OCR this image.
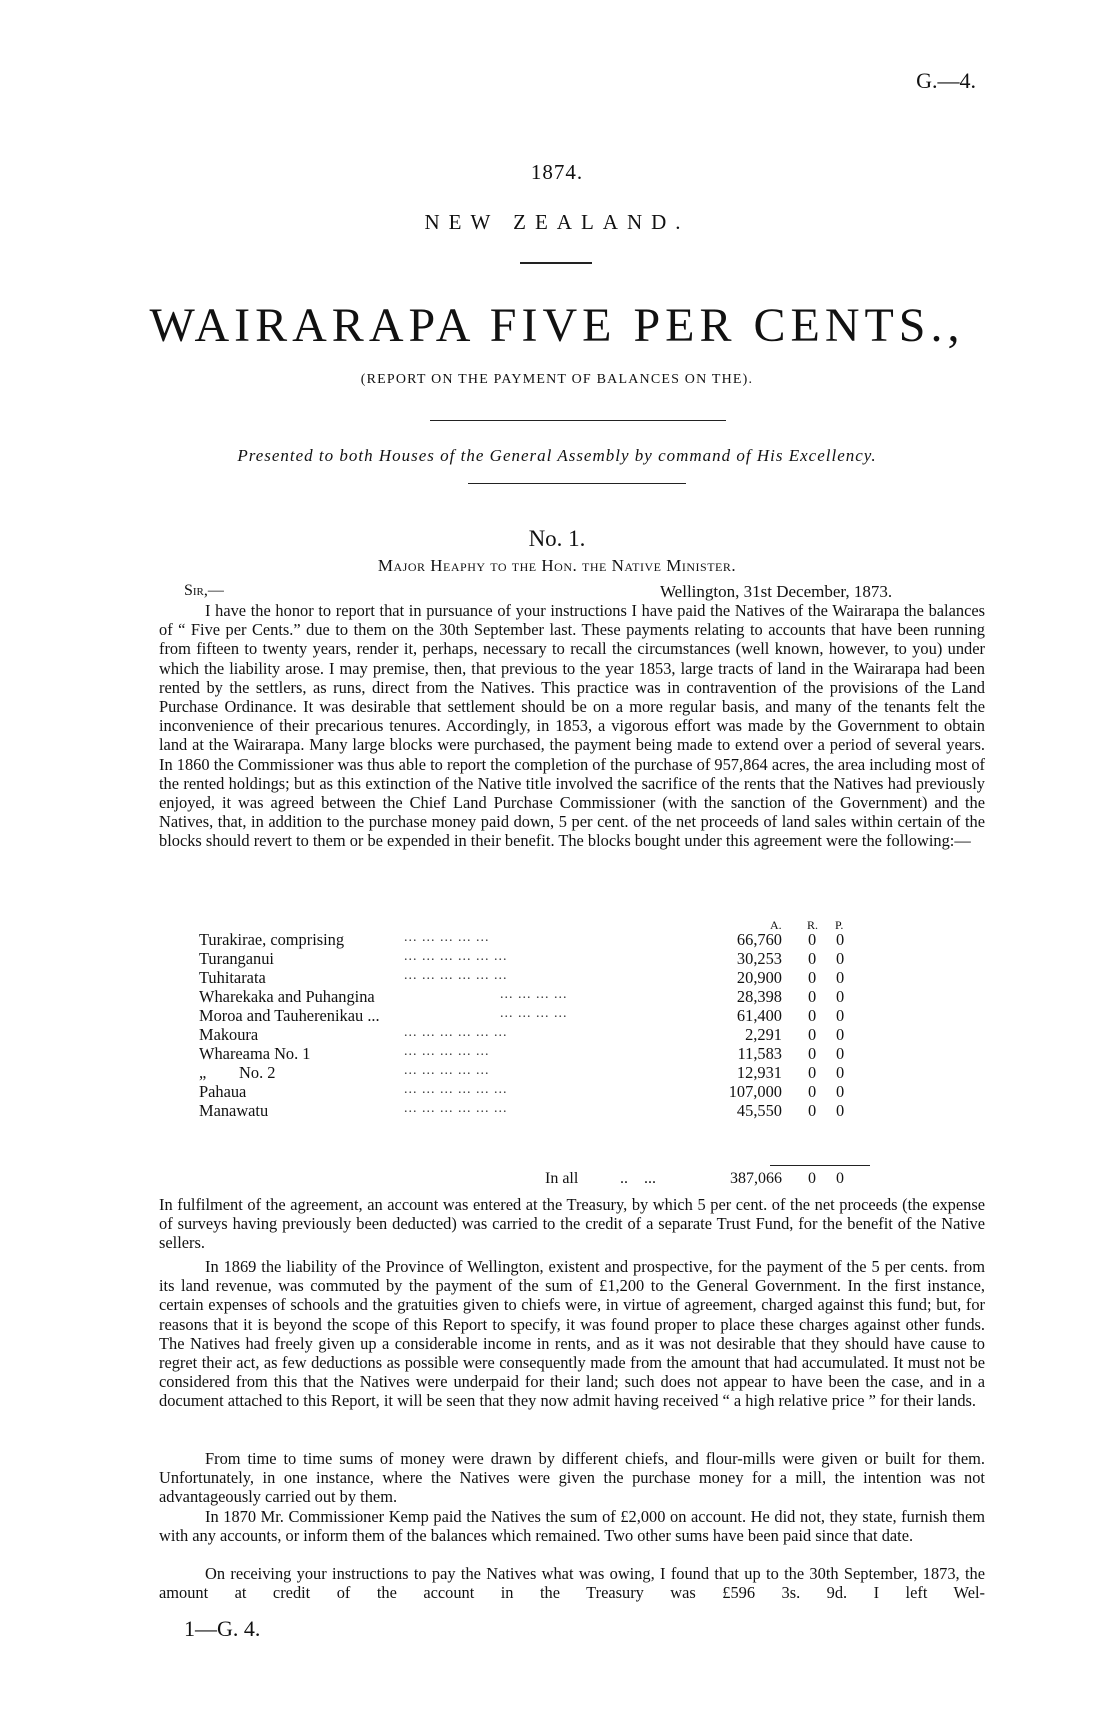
G.—4.
1874.
NEW ZEALAND.
WAIRARAPA FIVE PER CENTS.,
(REPORT ON THE PAYMENT OF BALANCES ON THE).
Presented to both Houses of the General Assembly by command of His Excellency.
No. 1.
Major Heaphy to the Hon. the Native Minister.
Sir,—	Wellington, 31st December, 1873.
I have the honor to report that in pursuance of your instructions I have paid the Natives of the Wairarapa the balances of “ Five per Cents.” due to them on the 30th September last. These payments relating to accounts that have been running from fifteen to twenty years, render it, perhaps, necessary to recall the circumstances (well known, however, to you) under which the liability arose. I may premise, then, that previous to the year 1853, large tracts of land in the Wairarapa had been rented by the settlers, as runs, direct from the Natives. This practice was in contravention of the provisions of the Land Purchase Ordinance. It was desirable that settlement should be on a more regular basis, and many of the tenants felt the inconvenience of their precarious tenures. Accordingly, in 1853, a vigorous effort was made by the Government to obtain land at the Wairarapa. Many large blocks were purchased, the payment being made to extend over a period of several years. In 1860 the Commissioner was thus able to report the completion of the purchase of 957,864 acres, the area including most of the rented holdings; but as this extinction of the Native title involved the sacrifice of the rents that the Natives had previously enjoyed, it was agreed between the Chief Land Purchase Commissioner (with the sanction of the Government) and the Natives, that, in addition to the purchase money paid down, 5 per cent. of the net proceeds of land sales within certain of the blocks should revert to them or be expended in their benefit. The blocks bought under this agreement were the following:—
A. R. P.
Turakirae, comprising	... ... ... ... ...	66,760 0 0
Turanganui	... ... ... ... ... ...	30,253 0 0
Tuhitarata	... ... ... ... ... ...	20,900 0 0
Wharekaka and Puhangina	... ... ... ...	28,398 0 0
Moroa and Tauherenikau ...	... ... ... ...	61,400 0 0
Makoura	... ... ... ... ... ...	2,291 0 0
Whareama No. 1	... ... ... ... ...	11,583 0 0
„        No. 2	... ... ... ... ...	12,931 0 0
Pahaua	... ... ... ... ... ...	107,000 0 0
Manawatu	... ... ... ... ... ...	45,550 0 0
In all	..    ...	387,066 0 0
In fulfilment of the agreement, an account was entered at the Treasury, by which 5 per cent. of the net proceeds (the expense of surveys having previously been deducted) was carried to the credit of a separate Trust Fund, for the benefit of the Native sellers.
In 1869 the liability of the Province of Wellington, existent and prospective, for the payment of the 5 per cents. from its land revenue, was commuted by the payment of the sum of £1,200 to the General Government. In the first instance, certain expenses of schools and the gratuities given to chiefs were, in virtue of agreement, charged against this fund; but, for reasons that it is beyond the scope of this Report to specify, it was found proper to place these charges against other funds. The Natives had freely given up a considerable income in rents, and as it was not desirable that they should have cause to regret their act, as few deductions as possible were consequently made from the amount that had accumulated. It must not be considered from this that the Natives were underpaid for their land; such does not appear to have been the case, and in a document attached to this Report, it will be seen that they now admit having received “ a high relative price ” for their lands.
From time to time sums of money were drawn by different chiefs, and flour-mills were given or built for them. Unfortunately, in one instance, where the Natives were given the purchase money for a mill, the intention was not advantageously carried out by them.
In 1870 Mr. Commissioner Kemp paid the Natives the sum of £2,000 on account. He did not, they state, furnish them with any accounts, or inform them of the balances which remained. Two other sums have been paid since that date.
On receiving your instructions to pay the Natives what was owing, I found that up to the 30th September, 1873, the amount at credit of the account in the Treasury was £596 3s. 9d. I left Wel-
1—G. 4.
